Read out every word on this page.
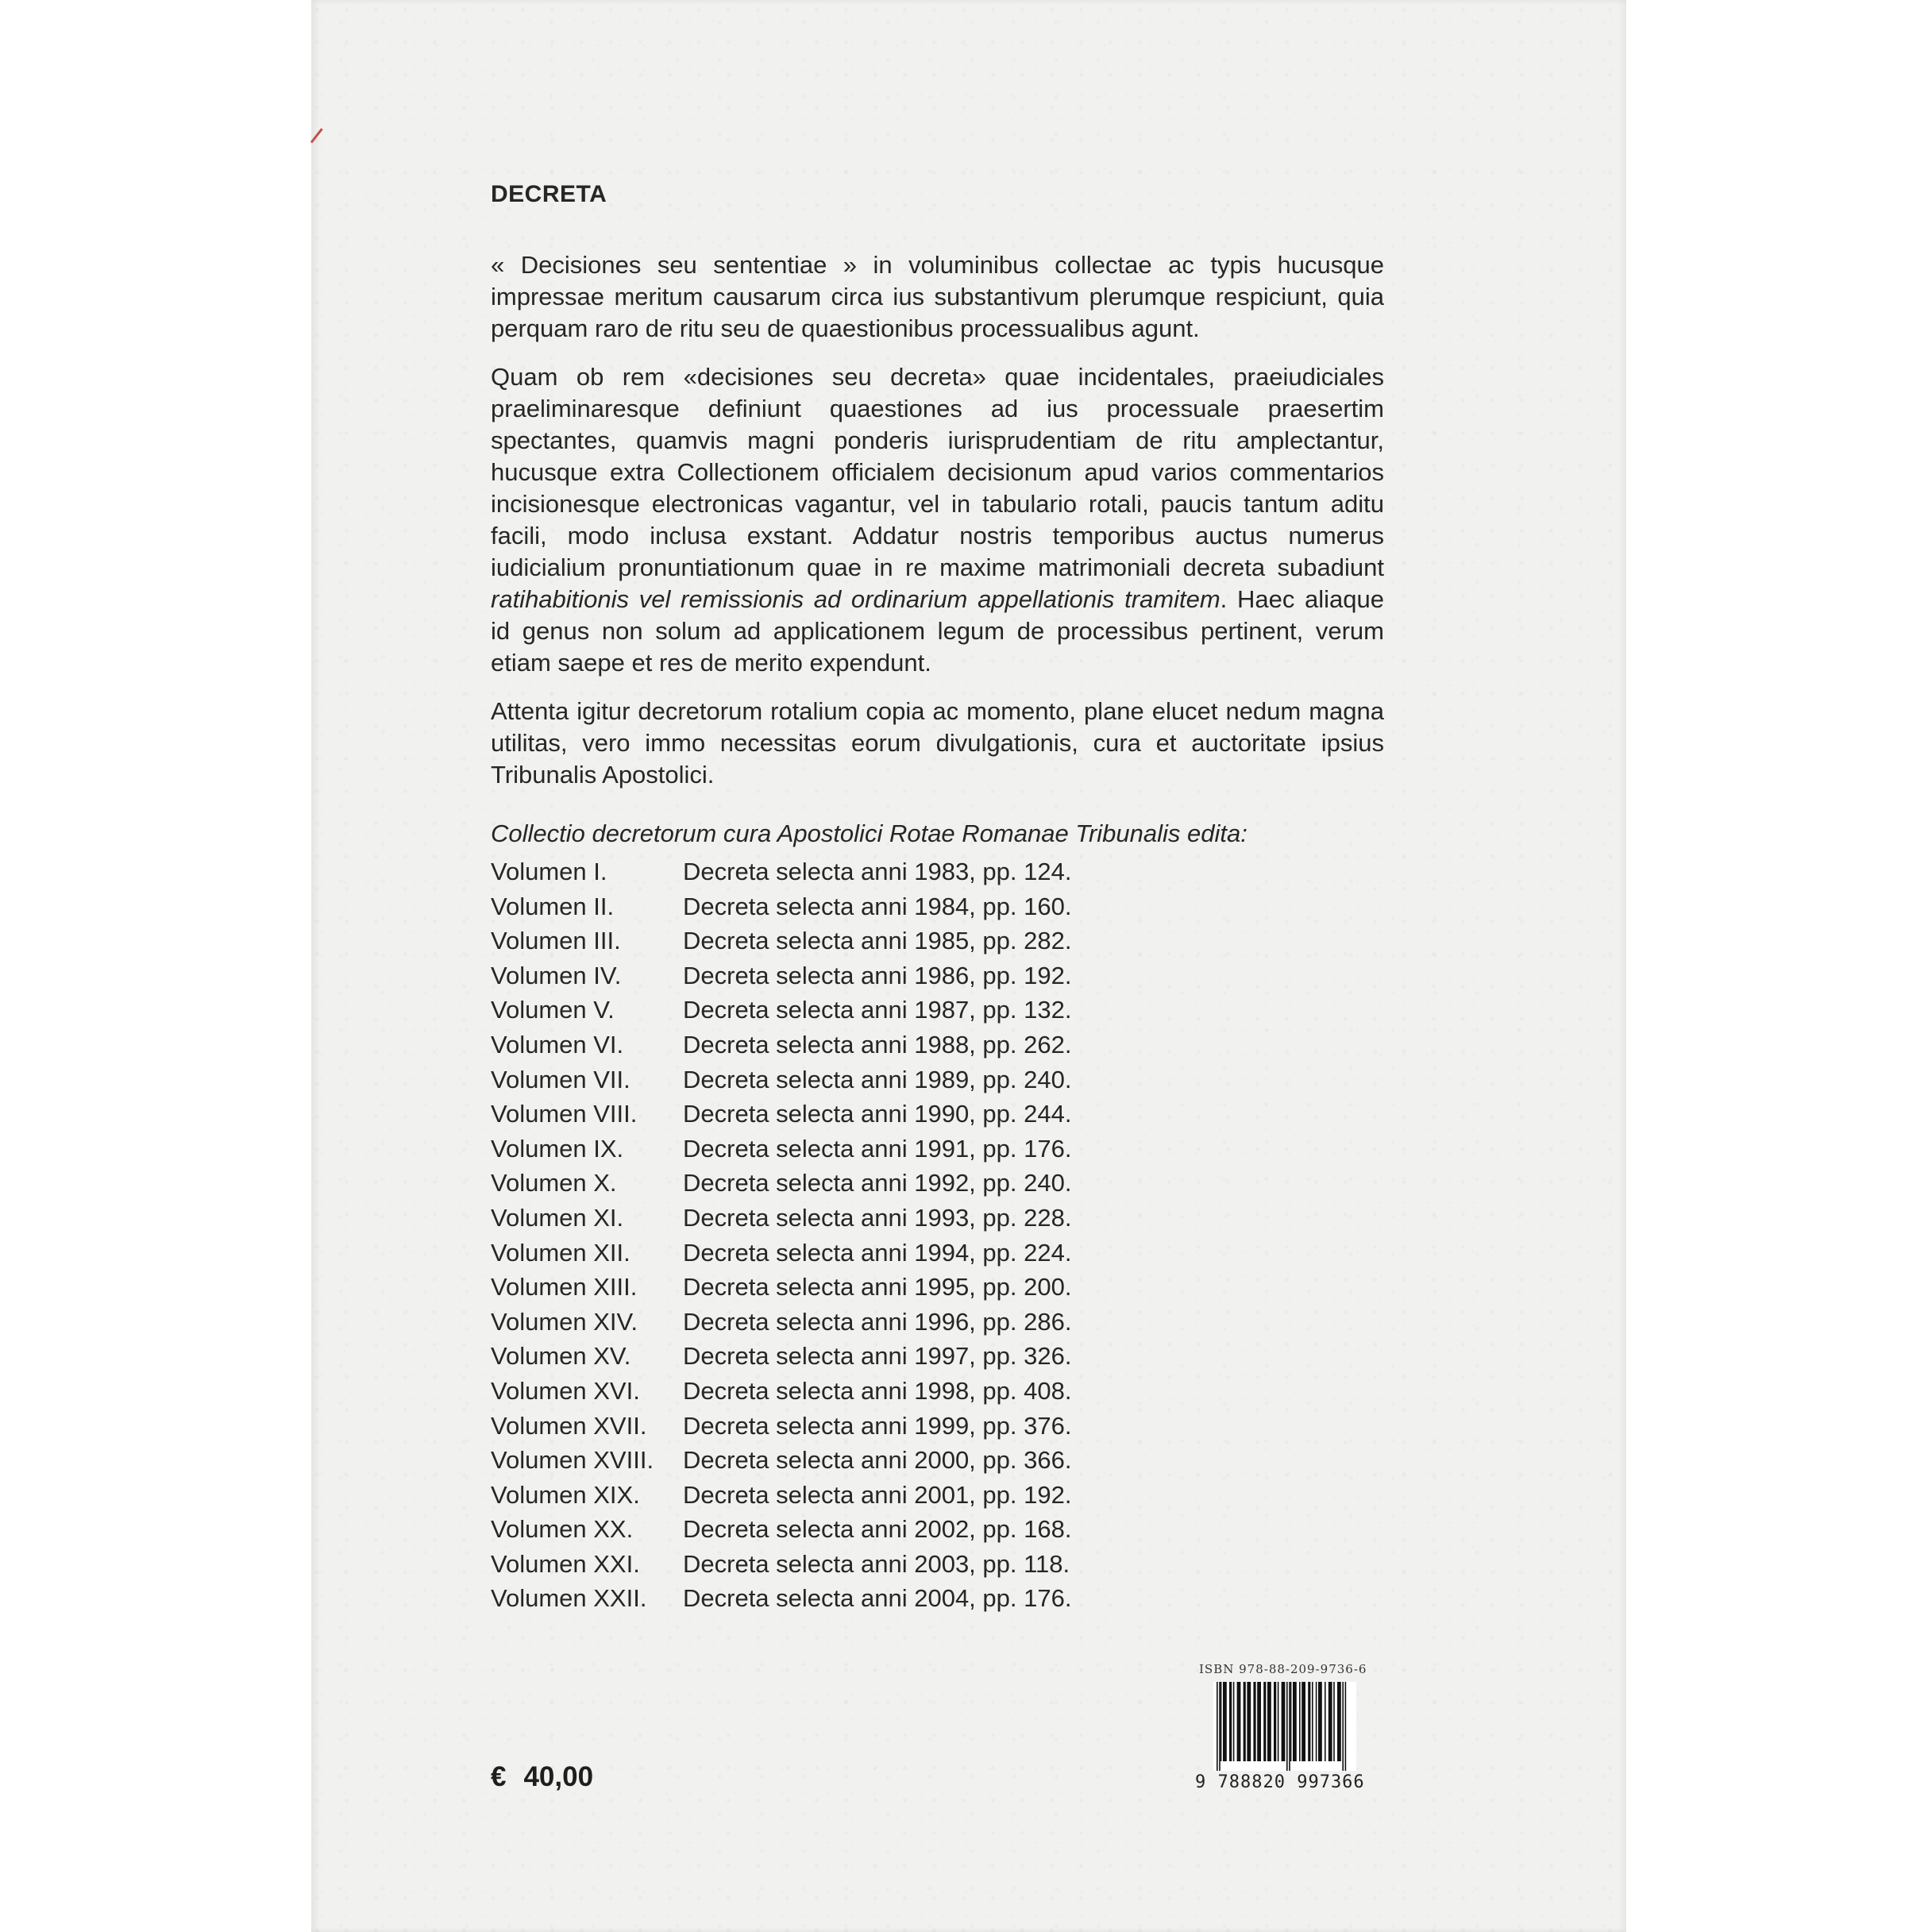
DECRETA

« Decisiones seu sententiae » in voluminibus collectae ac typis hucusque impressae meritum causarum circa ius substantivum plerumque respiciunt, quia perquam raro de ritu seu de quaestionibus processualibus agunt.

Quam ob rem «decisiones seu decreta» quae incidentales, praeiudiciales praeliminaresque definiunt quaestiones ad ius processuale praesertim spectantes, quamvis magni ponderis iurisprudentiam de ritu amplectantur, hucusque extra Collectionem officialem decisionum apud varios commentarios incisionesque electronicas vagantur, vel in tabulario rotali, paucis tantum aditu facili, modo inclusa exstant. Addatur nostris temporibus auctus numerus iudicialium pronuntiationum quae in re maxime matrimoniali decreta subadiunt ratihabitionis vel remissionis ad ordinarium appellationis tramitem. Haec aliaque id genus non solum ad applicationem legum de processibus pertinent, verum etiam saepe et res de merito expendunt.

Attenta igitur decretorum rotalium copia ac momento, plane elucet nedum magna utilitas, vero immo necessitas eorum divulgationis, cura et auctoritate ipsius Tribunalis Apostolici.

Collectio decretorum cura Apostolici Rotae Romanae Tribunalis edita:
Volumen I.	Decreta selecta anni 1983, pp. 124.
Volumen II.	Decreta selecta anni 1984, pp. 160.
Volumen III.	Decreta selecta anni 1985, pp. 282.
Volumen IV.	Decreta selecta anni 1986, pp. 192.
Volumen V.	Decreta selecta anni 1987, pp. 132.
Volumen VI.	Decreta selecta anni 1988, pp. 262.
Volumen VII.	Decreta selecta anni 1989, pp. 240.
Volumen VIII.	Decreta selecta anni 1990, pp. 244.
Volumen IX.	Decreta selecta anni 1991, pp. 176.
Volumen X.	Decreta selecta anni 1992, pp. 240.
Volumen XI.	Decreta selecta anni 1993, pp. 228.
Volumen XII.	Decreta selecta anni 1994, pp. 224.
Volumen XIII.	Decreta selecta anni 1995, pp. 200.
Volumen XIV.	Decreta selecta anni 1996, pp. 286.
Volumen XV.	Decreta selecta anni 1997, pp. 326.
Volumen XVI.	Decreta selecta anni 1998, pp. 408.
Volumen XVII.	Decreta selecta anni 1999, pp. 376.
Volumen XVIII.	Decreta selecta anni 2000, pp. 366.
Volumen XIX.	Decreta selecta anni 2001, pp. 192.
Volumen XX.	Decreta selecta anni 2002, pp. 168.
Volumen XXI.	Decreta selecta anni 2003, pp. 118.
Volumen XXII.	Decreta selecta anni 2004, pp. 176.
€ 40,00
ISBN 978-88-209-9736-6
9 788820 997366
